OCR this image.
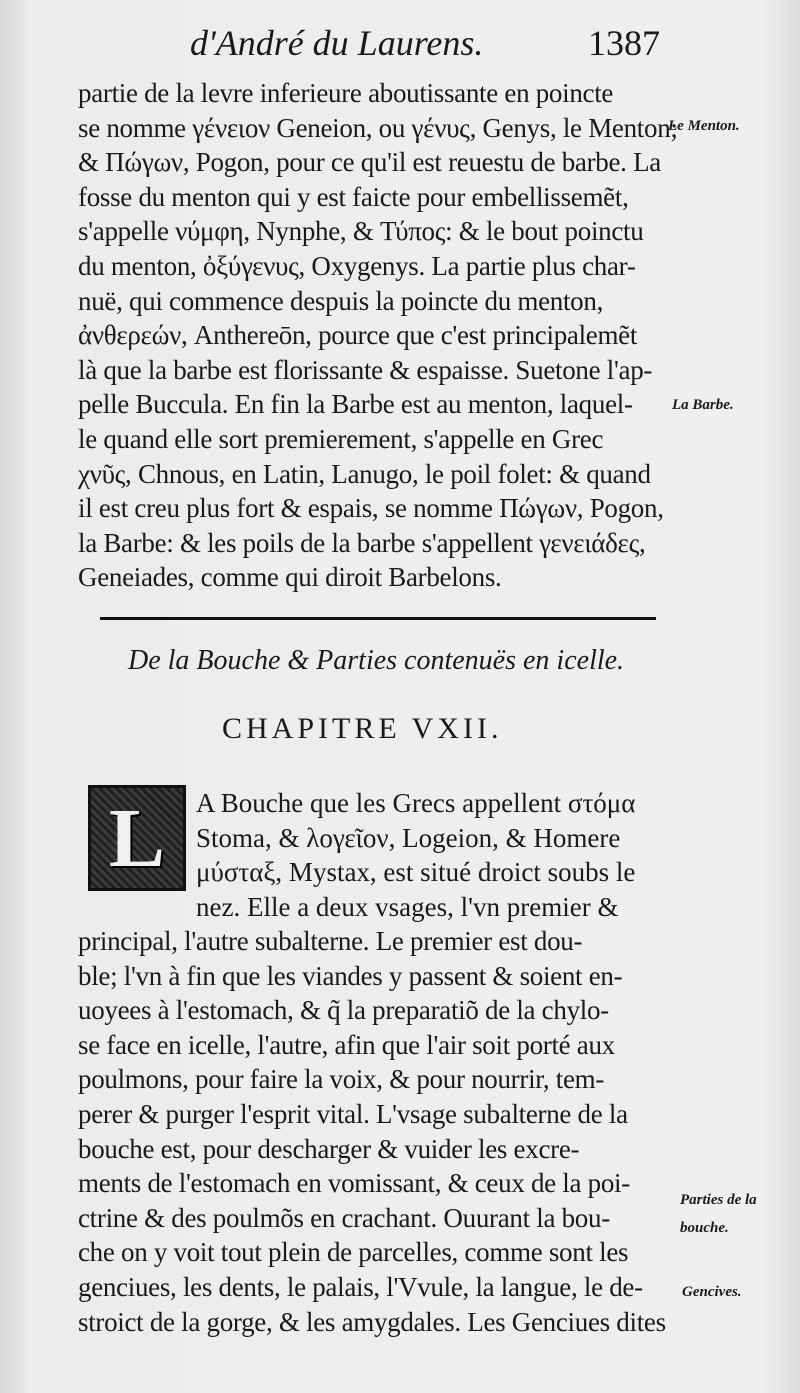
d'André du Laurens.	1387
partie de la levre inferieure aboutissante en poincte
se nomme γένειον Geneion, ou γένυς, Genys, le Menton;
& Πώγων, Pogon, pour ce qu'il est reuestu de barbe. La
fosse du menton qui y est faicte pour embellissemẽt,
s'appelle νύμφη, Nynphe, & Τύπος: & le bout poinctu
du menton, ὀξύγενυς, Oxygenys. La partie plus char-
nuë, qui commence despuis la poincte du menton,
ἀνθερεών, Anthereōn, pource que c'est principalemẽt
là que la barbe est florissante & espaisse. Suetone l'ap-
pelle Buccula. En fin la Barbe est au menton, laquel-
le quand elle sort premierement, s'appelle en Grec
χνῦς, Chnous, en Latin, Lanugo, le poil folet: & quand
il est creu plus fort & espais, se nomme Πώγων, Pogon,
la Barbe: & les poils de la barbe s'appellent γενειάδες,
Geneiades, comme qui diroit Barbelons.
Le Menton.
La Barbe.
De la Bouche & Parties contenuës en icelle.
CHAPITRE VXII.
L A Bouche que les Grecs appellent στόμα
Stoma, & λογεῖον, Logeion, & Homere
μύσταξ, Mystax, est situé droict soubs le
nez. Elle a deux vsages, l'vn premier &
principal, l'autre subalterne. Le premier est dou-
ble; l'vn à fin que les viandes y passent & soient en-
uoyees à l'estomach, & q̃ la preparatiõ de la chylo-
se face en icelle, l'autre, afin que l'air soit porté aux
poulmons, pour faire la voix, & pour nourrir, tem-
perer & purger l'esprit vital. L'vsage subalterne de la
bouche est, pour descharger & vuider les excre-
ments de l'estomach en vomissant, & ceux de la poi-
ctrine & des poulmõs en crachant. Ouurant la bou-
che on y voit tout plein de parcelles, comme sont les
genciues, les dents, le palais, l'Vvule, la langue, le de-
stroict de la gorge, & les amygdales. Les Genciues dites
Parties de la
bouche.
Gencives.
